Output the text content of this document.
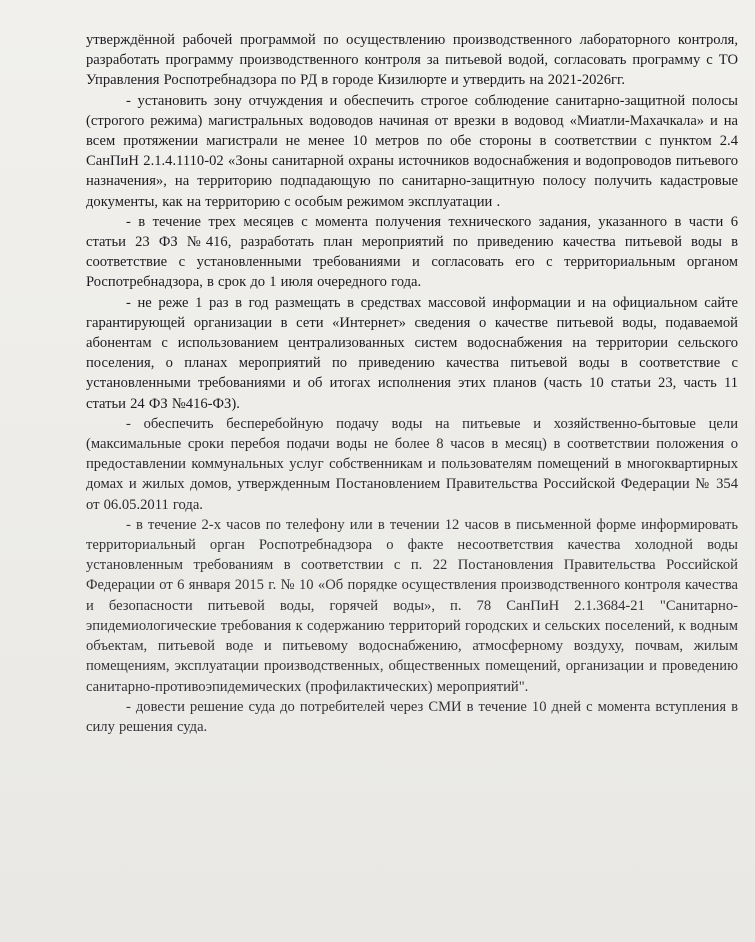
утверждённой рабочей программой по осуществлению производственного лабораторного контроля, разработать программу производственного контроля за питьевой водой, согласовать программу с ТО Управления Роспотребнадзора по РД в городе Кизилюрте и утвердить на 2021-2026гг.

- установить зону отчуждения и обеспечить строгое соблюдение санитарно-защитной полосы (строгого режима) магистральных водоводов начиная от врезки в водовод «Миатли-Махачкала» и на всем протяжении магистрали не менее 10 метров по обе стороны в соответствии с пунктом 2.4 СанПиН 2.1.4.1110-02 «Зоны санитарной охраны источников водоснабжения и водопроводов питьевого назначения», на территорию подпадающую по санитарно-защитную полосу получить кадастровые документы, как на территорию с особым режимом эксплуатации .

- в течение трех месяцев с момента получения технического задания, указанного в части 6 статьи 23 ФЗ №416, разработать план мероприятий по приведению качества питьевой воды в соответствие с установленными требованиями и согласовать его с территориальным органом Роспотребнадзора, в срок до 1 июля очередного года.

- не реже 1 раз в год размещать в средствах массовой информации и на официальном сайте гарантирующей организации в сети «Интернет» сведения о качестве питьевой воды, подаваемой абонентам с использованием централизованных систем водоснабжения на территории сельского поселения, о планах мероприятий по приведению качества питьевой воды в соответствие с установленными требованиями и об итогах исполнения этих планов (часть 10 статьи 23, часть 11 статьи 24 ФЗ №416-ФЗ).

- обеспечить бесперебойную подачу воды на питьевые и хозяйственно-бытовые цели (максимальные сроки перебоя подачи воды не более 8 часов в месяц) в соответствии положения о предоставлении коммунальных услуг собственникам и пользователям помещений в многоквартирных домах и жилых домов, утвержденным Постановлением Правительства Российской Федерации № 354 от 06.05.2011 года.

- в течение 2-х часов по телефону или в течении 12 часов в письменной форме информировать территориальный орган Роспотребнадзора о факте несоответствия качества холодной воды установленным требованиям в соответствии с п. 22 Постановления Правительства Российской Федерации от 6 января 2015 г. № 10 «Об порядке осуществления производственного контроля качества и безопасности питьевой воды, горячей воды», п. 78 СанПиН 2.1.3684-21 "Санитарно-эпидемиологические требования к содержанию территорий городских и сельских поселений, к водным объектам, питьевой воде и питьевому водоснабжению, атмосферному воздуху, почвам, жилым помещениям, эксплуатации производственных, общественных помещений, организации и проведению санитарно-противоэпидемических (профилактических) мероприятий".

- довести решение суда до потребителей через СМИ в течение 10 дней с момента вступления в силу решения суда.
